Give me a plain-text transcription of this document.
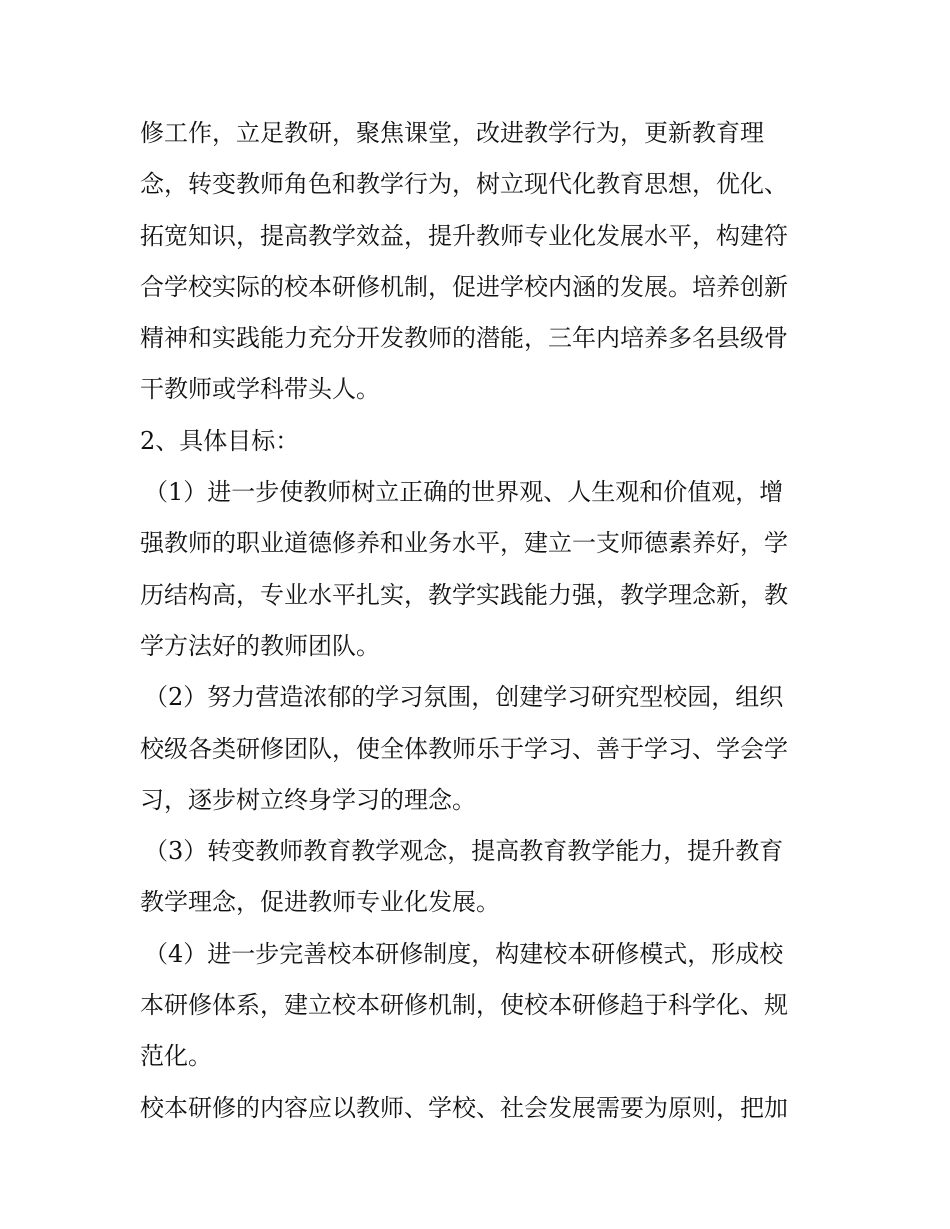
修工作，立足教研，聚焦课堂，改进教学行为，更新教育理
念，转变教师角色和教学行为，树立现代化教育思想，优化、
拓宽知识，提高教学效益，提升教师专业化发展水平，构建符
合学校实际的校本研修机制，促进学校内涵的发展。培养创新
精神和实践能力充分开发教师的潜能，三年内培养多名县级骨
干教师或学科带头人。
2、具体目标：
（1）进一步使教师树立正确的世界观、人生观和价值观，增
强教师的职业道德修养和业务水平，建立一支师德素养好，学
历结构高，专业水平扎实，教学实践能力强，教学理念新，教
学方法好的教师团队。
（2）努力营造浓郁的学习氛围，创建学习研究型校园，组织
校级各类研修团队，使全体教师乐于学习、善于学习、学会学
习，逐步树立终身学习的理念。
（3）转变教师教育教学观念，提高教育教学能力，提升教育
教学理念，促进教师专业化发展。
（4）进一步完善校本研修制度，构建校本研修模式，形成校
本研修体系，建立校本研修机制，使校本研修趋于科学化、规
范化。
校本研修的内容应以教师、学校、社会发展需要为原则，把加
